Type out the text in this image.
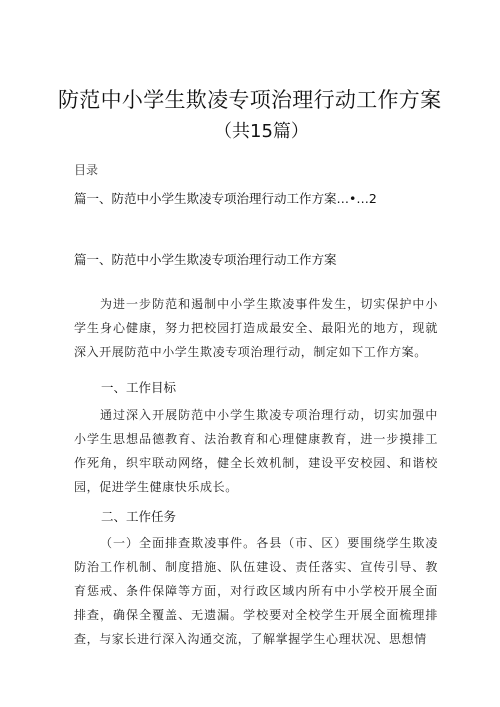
防范中小学生欺凌专项治理行动工作方案
（共15篇）
目录
篇一、防范中小学生欺凌专项治理行动工作方案…•…2
篇一、防范中小学生欺凌专项治理行动工作方案
为进一步防范和遏制中小学生欺凌事件发生，切实保护中小学生身心健康，努力把校园打造成最安全、最阳光的地方，现就深入开展防范中小学生欺凌专项治理行动，制定如下工作方案。
一、工作目标
通过深入开展防范中小学生欺凌专项治理行动，切实加强中小学生思想品德教育、法治教育和心理健康教育，进一步摸排工作死角，织牢联动网络，健全长效机制，建设平安校园、和谐校园，促进学生健康快乐成长。
二、工作任务
（一）全面排查欺凌事件。各县（市、区）要围绕学生欺凌防治工作机制、制度措施、队伍建设、责任落实、宣传引导、教育惩戒、条件保障等方面，对行政区域内所有中小学校开展全面排查，确保全覆盖、无遗漏。学校要对全校学生开展全面梳理排查，与家长进行深入沟通交流，了解掌握学生心理状况、思想情
